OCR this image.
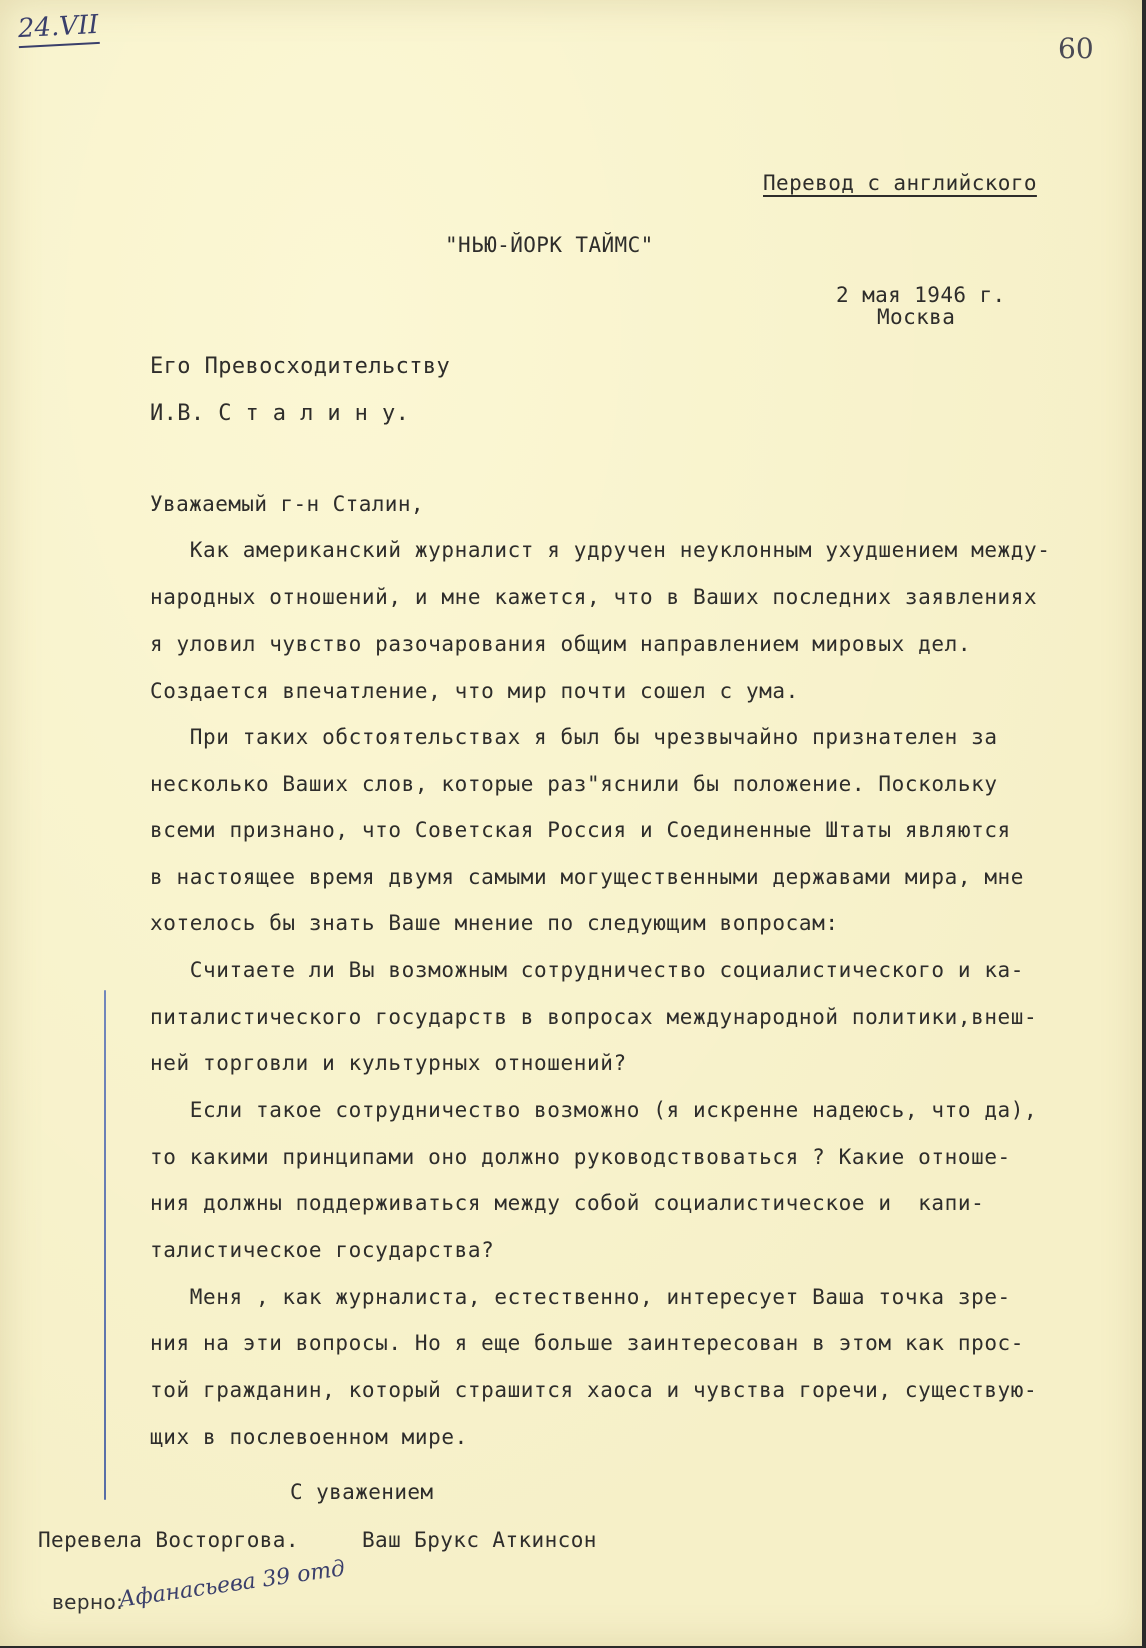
24.VII
60
Перевод с английского
"НЬЮ-ЙОРК ТАЙМС"
2 мая 1946 г.
Москва
Его Превосходительству
И.В. С т а л и н у.
Уважаемый г-н Сталин,
Как американский журналист я удручен неуклонным ухудшением между-
народных отношений, и мне кажется, что в Ваших последних заявлениях
я уловил чувство разочарования общим направлением мировых дел.
Создается впечатление, что мир почти сошел с ума.
При таких обстоятельствах я был бы чрезвычайно признателен за
несколько Ваших слов, которые раз"яснили бы положение. Поскольку
всеми признано, что Советская Россия и Соединенные Штаты являются
в настоящее время двумя самыми могущественными державами мира, мне
хотелось бы знать Ваше мнение по следующим вопросам:
Считаете ли Вы возможным сотрудничество социалистического и ка-
питалистического государств в вопросах международной политики,внеш-
ней торговли и культурных отношений?
Если такое сотрудничество возможно (я искренне надеюсь, что да),
то какими принципами оно должно руководствоваться ? Какие отноше-
ния должны поддерживаться между собой социалистическое и  капи-
талистическое государства?
Меня , как журналиста, естественно, интересует Ваша точка зре-
ния на эти вопросы. Но я еще больше заинтересован в этом как прос-
той гражданин, который страшится хаоса и чувства горечи, существую-
щих в послевоенном мире.
С уважением
Перевела Восторгова.	Ваш Брукс Аткинсон
верно:
Афанасьева 39 отд
